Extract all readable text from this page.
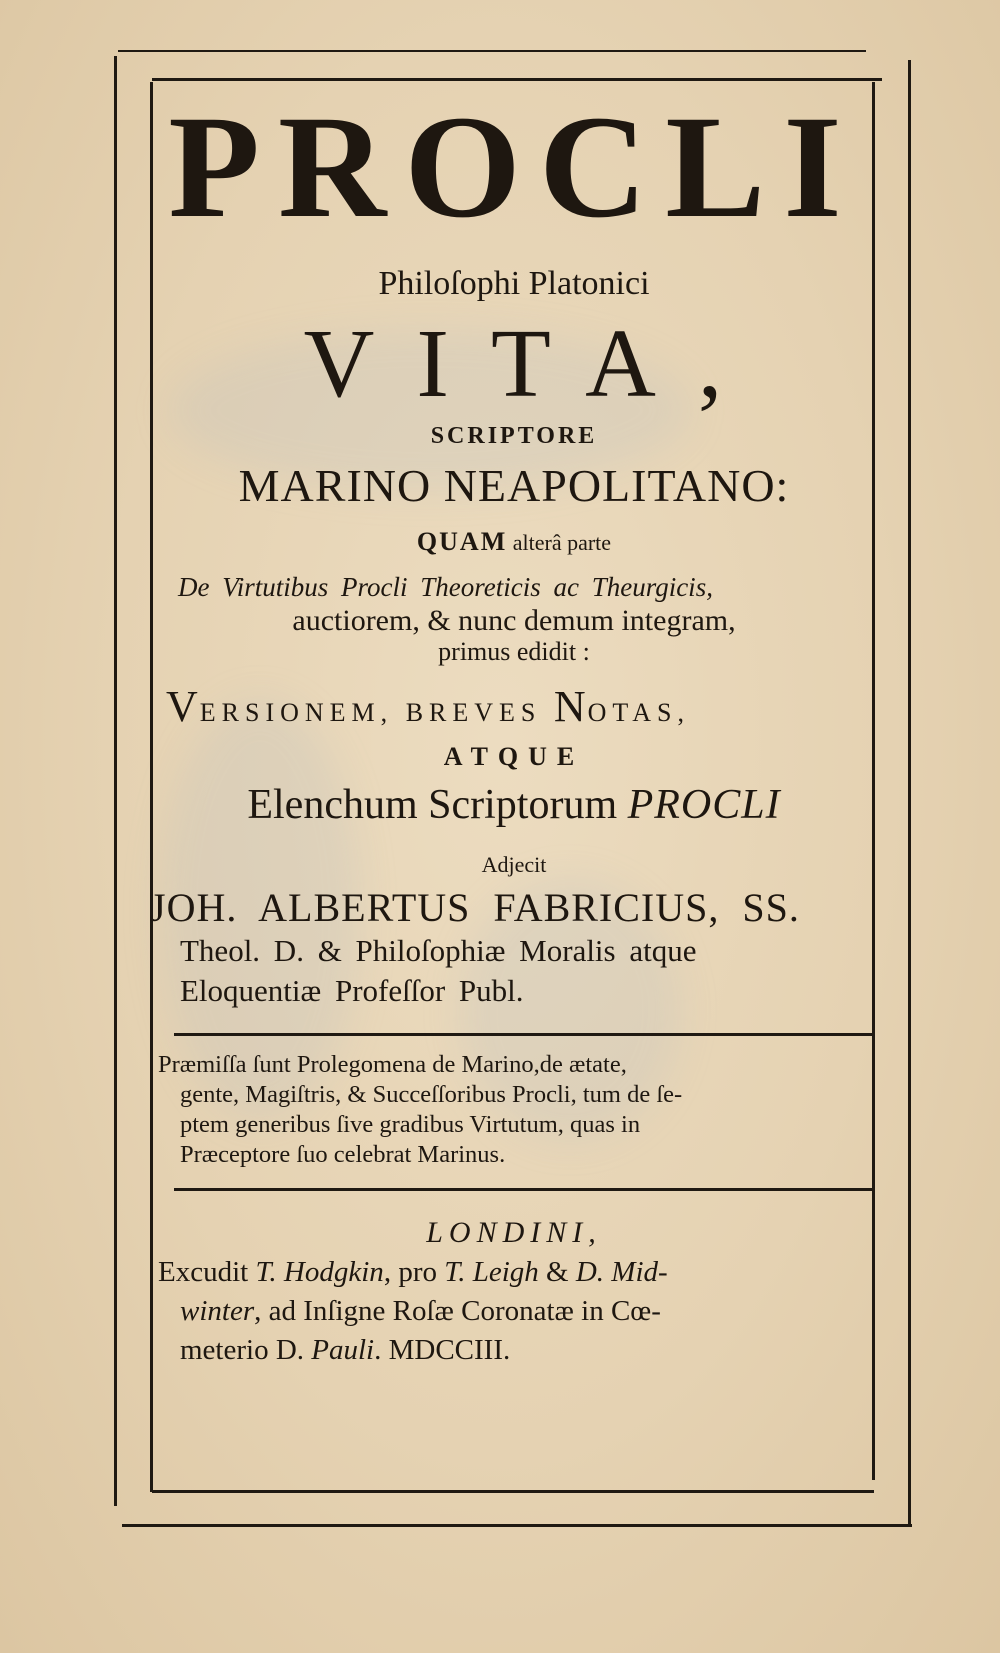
PROCLI
Philoſophi Platonici
VITA,
SCRIPTORE
MARINO NEAPOLITANO:
QUAM alterâ parte
De Virtutibus Procli Theoreticis ac Theurgicis,
auctiorem, & nunc demum integram,
primus edidit :
VERSIONEM, BREVES NOTAS,
ATQUE
Elenchum Scriptorum PROCLI
Adjecit
JOH. ALBERTUS FABRICIUS, SS.
Theol. D. & Philoſophiæ Moralis atque
Eloquentiæ Profeſſor Publ.
Præmiſſa ſunt Prolegomena de Marino,de ætate,
gente, Magiſtris, & Succeſſoribus Procli, tum de ſe-
ptem generibus ſive gradibus Virtutum, quas in
Præceptore ſuo celebrat Marinus.
LONDINI,
Excudit T. Hodgkin, pro T. Leigh & D. Mid-
winter, ad Inſigne Roſæ Coronatæ in Cœ-
meterio D. Pauli. MDCCIII.
